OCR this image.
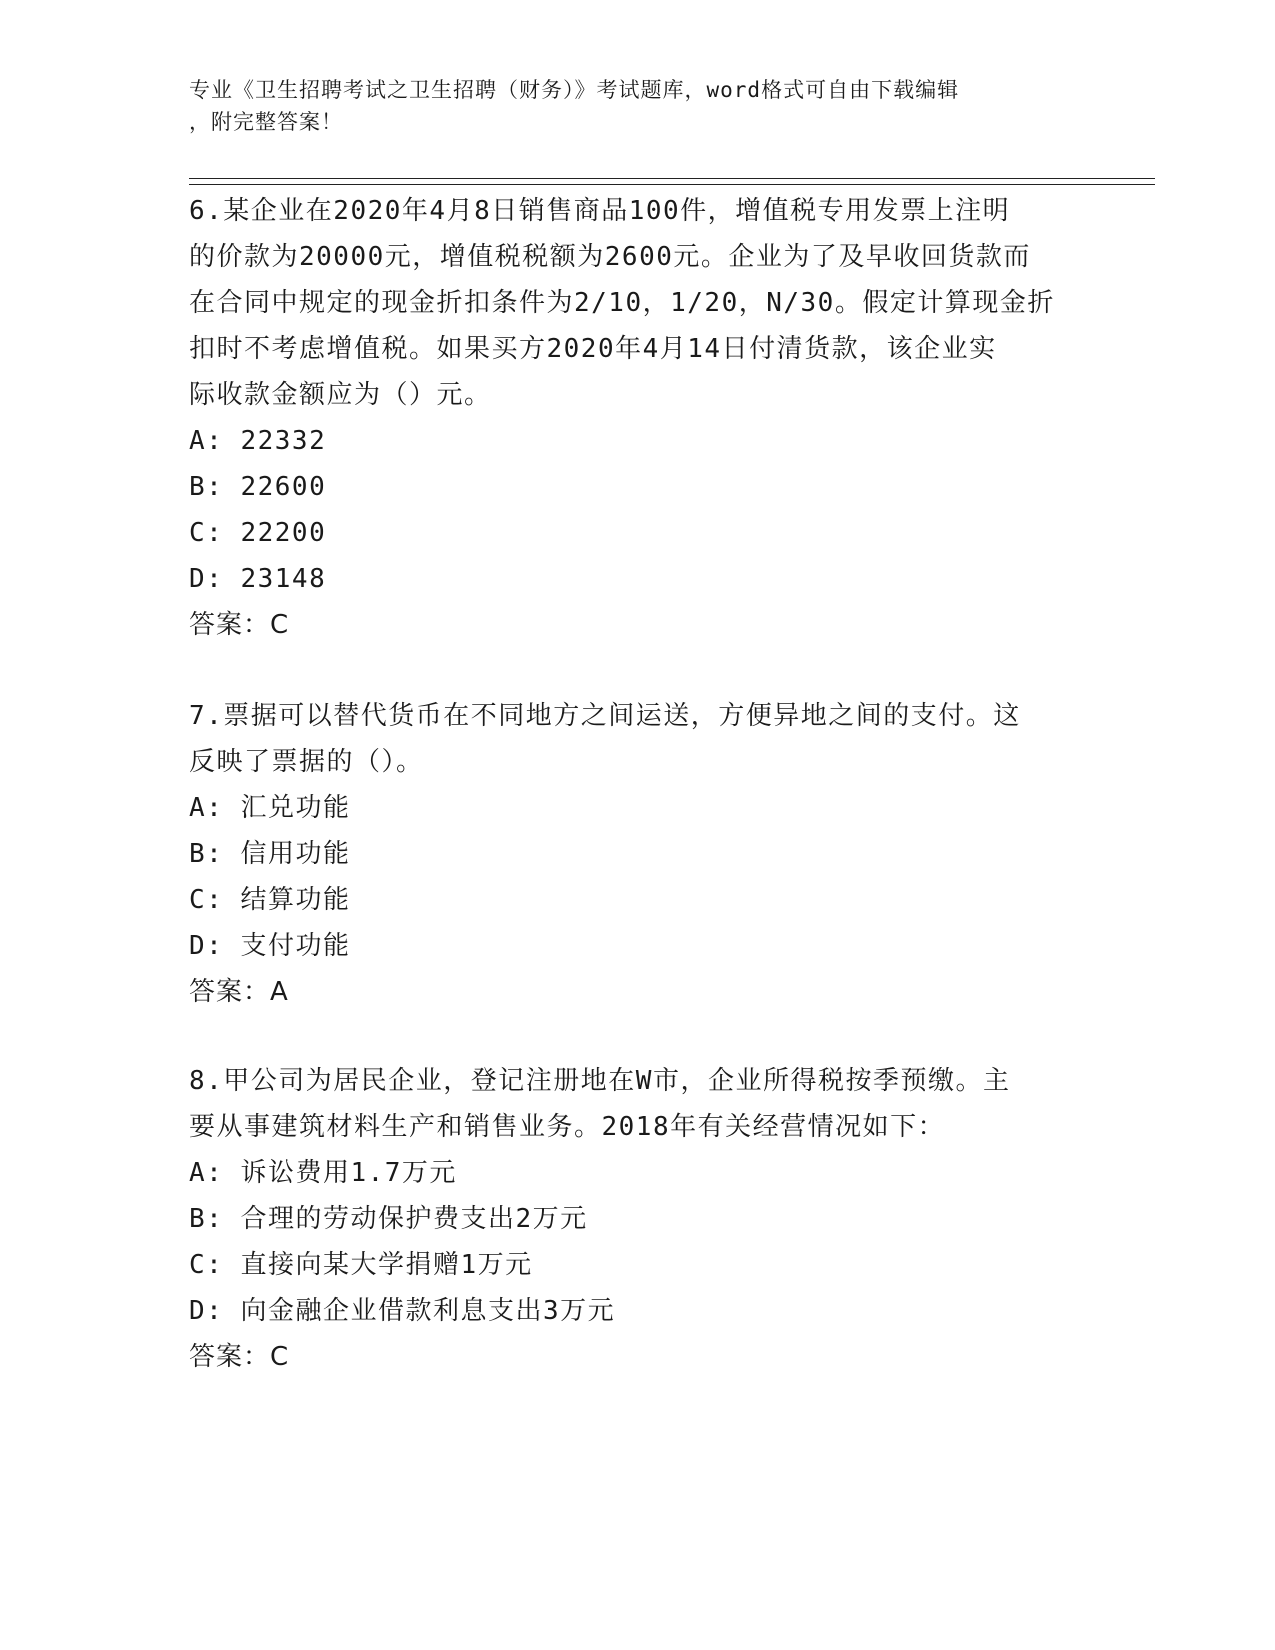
专业《卫生招聘考试之卫生招聘（财务）》考试题库，word格式可自由下载编辑
，附完整答案！
6.某企业在2020年4月8日销售商品100件，增值税专用发票上注明
的价款为20000元，增值税税额为2600元。企业为了及早收回货款而
在合同中规定的现金折扣条件为2/10，1/20，N/30。假定计算现金折
扣时不考虑增值税。如果买方2020年4月14日付清货款，该企业实
际收款金额应为（）元。
A: 22332
B: 22600
C: 22200
D: 23148
答案：C
7.票据可以替代货币在不同地方之间运送，方便异地之间的支付。这
反映了票据的（）。
A: 汇兑功能
B: 信用功能
C: 结算功能
D: 支付功能
答案：A
8.甲公司为居民企业，登记注册地在W市，企业所得税按季预缴。主
要从事建筑材料生产和销售业务。2018年有关经营情况如下：
A: 诉讼费用1.7万元
B: 合理的劳动保护费支出2万元
C: 直接向某大学捐赠1万元
D: 向金融企业借款利息支出3万元
答案：C
